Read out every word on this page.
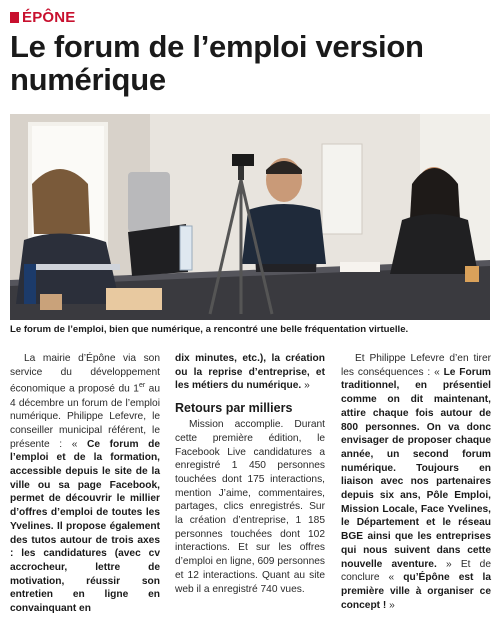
ÉPÔNE
Le forum de l’emploi version numérique
Le forum de l’emploi, bien que numérique, a rencontré une belle fréquentation virtuelle.

La mairie d’Épône via son service du développement économique a proposé du 1er au 4 décembre un forum de l’emploi numérique. Philippe Lefevre, le conseiller municipal référent, le présente : « Ce forum de l’emploi et de la formation, accessible depuis le site de la ville ou sa page Facebook, permet de découvrir le millier d’offres d’emploi de toutes les Yvelines. Il propose également des tutos autour de trois axes : les candidatures (avec cv accrocheur, lettre de motivation, réussir son entretien en ligne en convainquant en

dix minutes, etc.), la création ou la reprise d’entreprise, et les métiers du numérique. »

Retours par milliers

Mission accomplie. Durant cette première édition, le Facebook Live candidatures a enregistré 1 450 personnes touchées dont 175 interactions, mention J’aime, commentaires, partages, clics enregistrés. Sur la création d’entreprise, 1 185 personnes touchées dont 102 interactions. Et sur les offres d’emploi en ligne, 609 personnes et 12 interactions. Quant au site web il a enregistré 740 vues.

Et Philippe Lefevre d’en tirer les conséquences : « Le Forum traditionnel, en présentiel comme on dit maintenant, attire chaque fois autour de 800 personnes. On va donc envisager de proposer chaque année, un second forum numérique. Toujours en liaison avec nos partenaires depuis six ans, Pôle Emploi, Mission Locale, Face Yvelines, le Département et le réseau BGE ainsi que les entreprises qui nous suivent dans cette nouvelle aventure. » Et de conclure « qu’Épône est la première ville à organiser ce concept ! »
